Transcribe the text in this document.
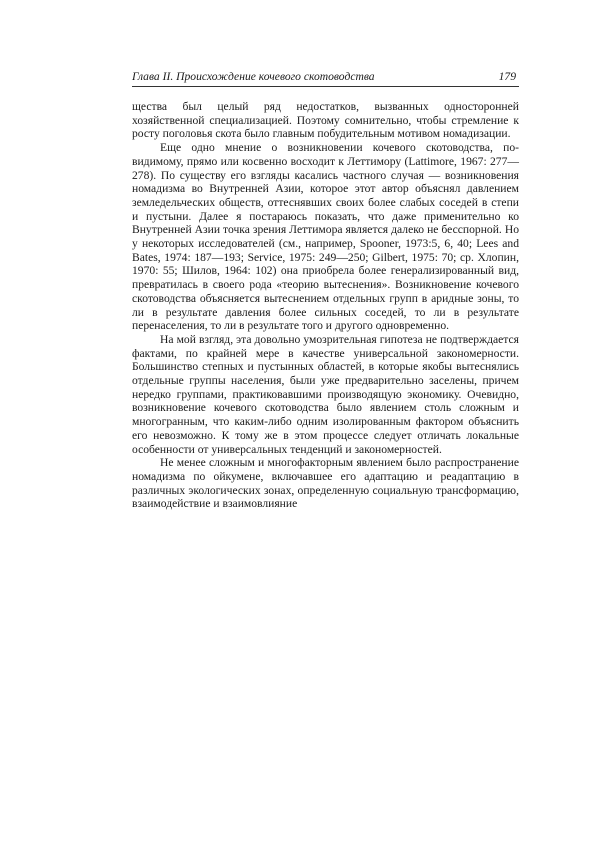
Глава II. Происхождение кочевого скотоводства	179

щества был целый ряд недостатков, вызванных односторонней хозяйственной специализацией. Поэтому сомнительно, чтобы стремление к росту поголовья скота было главным побудительным мотивом номадизации.

Еще одно мнение о возникновении кочевого скотоводства, по-видимому, прямо или косвенно восходит к Леттимору (Lattimore, 1967: 277—278). По существу его взгляды касались частного случая — возникновения номадизма во Внутренней Азии, которое этот автор объяснял давлением земледельческих обществ, оттеснявших своих более слабых соседей в степи и пустыни. Далее я постараюсь показать, что даже применительно ко Внутренней Азии точка зрения Леттимора является далеко не бесспорной. Но у некоторых исследователей (см., например, Spooner, 1973:5, 6, 40; Lees and Bates, 1974: 187—193; Service, 1975: 249—250; Gilbert, 1975: 70; ср. Хлопин, 1970: 55; Шилов, 1964: 102) она приобрела более генерализированный вид, превратилась в своего рода «теорию вытеснения». Возникновение кочевого скотоводства объясняется вытеснением отдельных групп в аридные зоны, то ли в результате давления более сильных соседей, то ли в результате перенаселения, то ли в результате того и другого одновременно.

На мой взгляд, эта довольно умозрительная гипотеза не подтверждается фактами, по крайней мере в качестве универсальной закономерности. Большинство степных и пустынных областей, в которые якобы вытеснялись отдельные группы населения, были уже предварительно заселены, причем нередко группами, практиковавшими производящую экономику. Очевидно, возникновение кочевого скотоводства было явлением столь сложным и многогранным, что каким-либо одним изолированным фактором объяснить его невозможно. К тому же в этом процессе следует отличать локальные особенности от универсальных тенденций и закономерностей.

Не менее сложным и многофакторным явлением было распространение номадизма по ойкумене, включавшее его адаптацию и реадаптацию в различных экологических зонах, определенную социальную трансформацию, взаимодействие и взаимовлияние
